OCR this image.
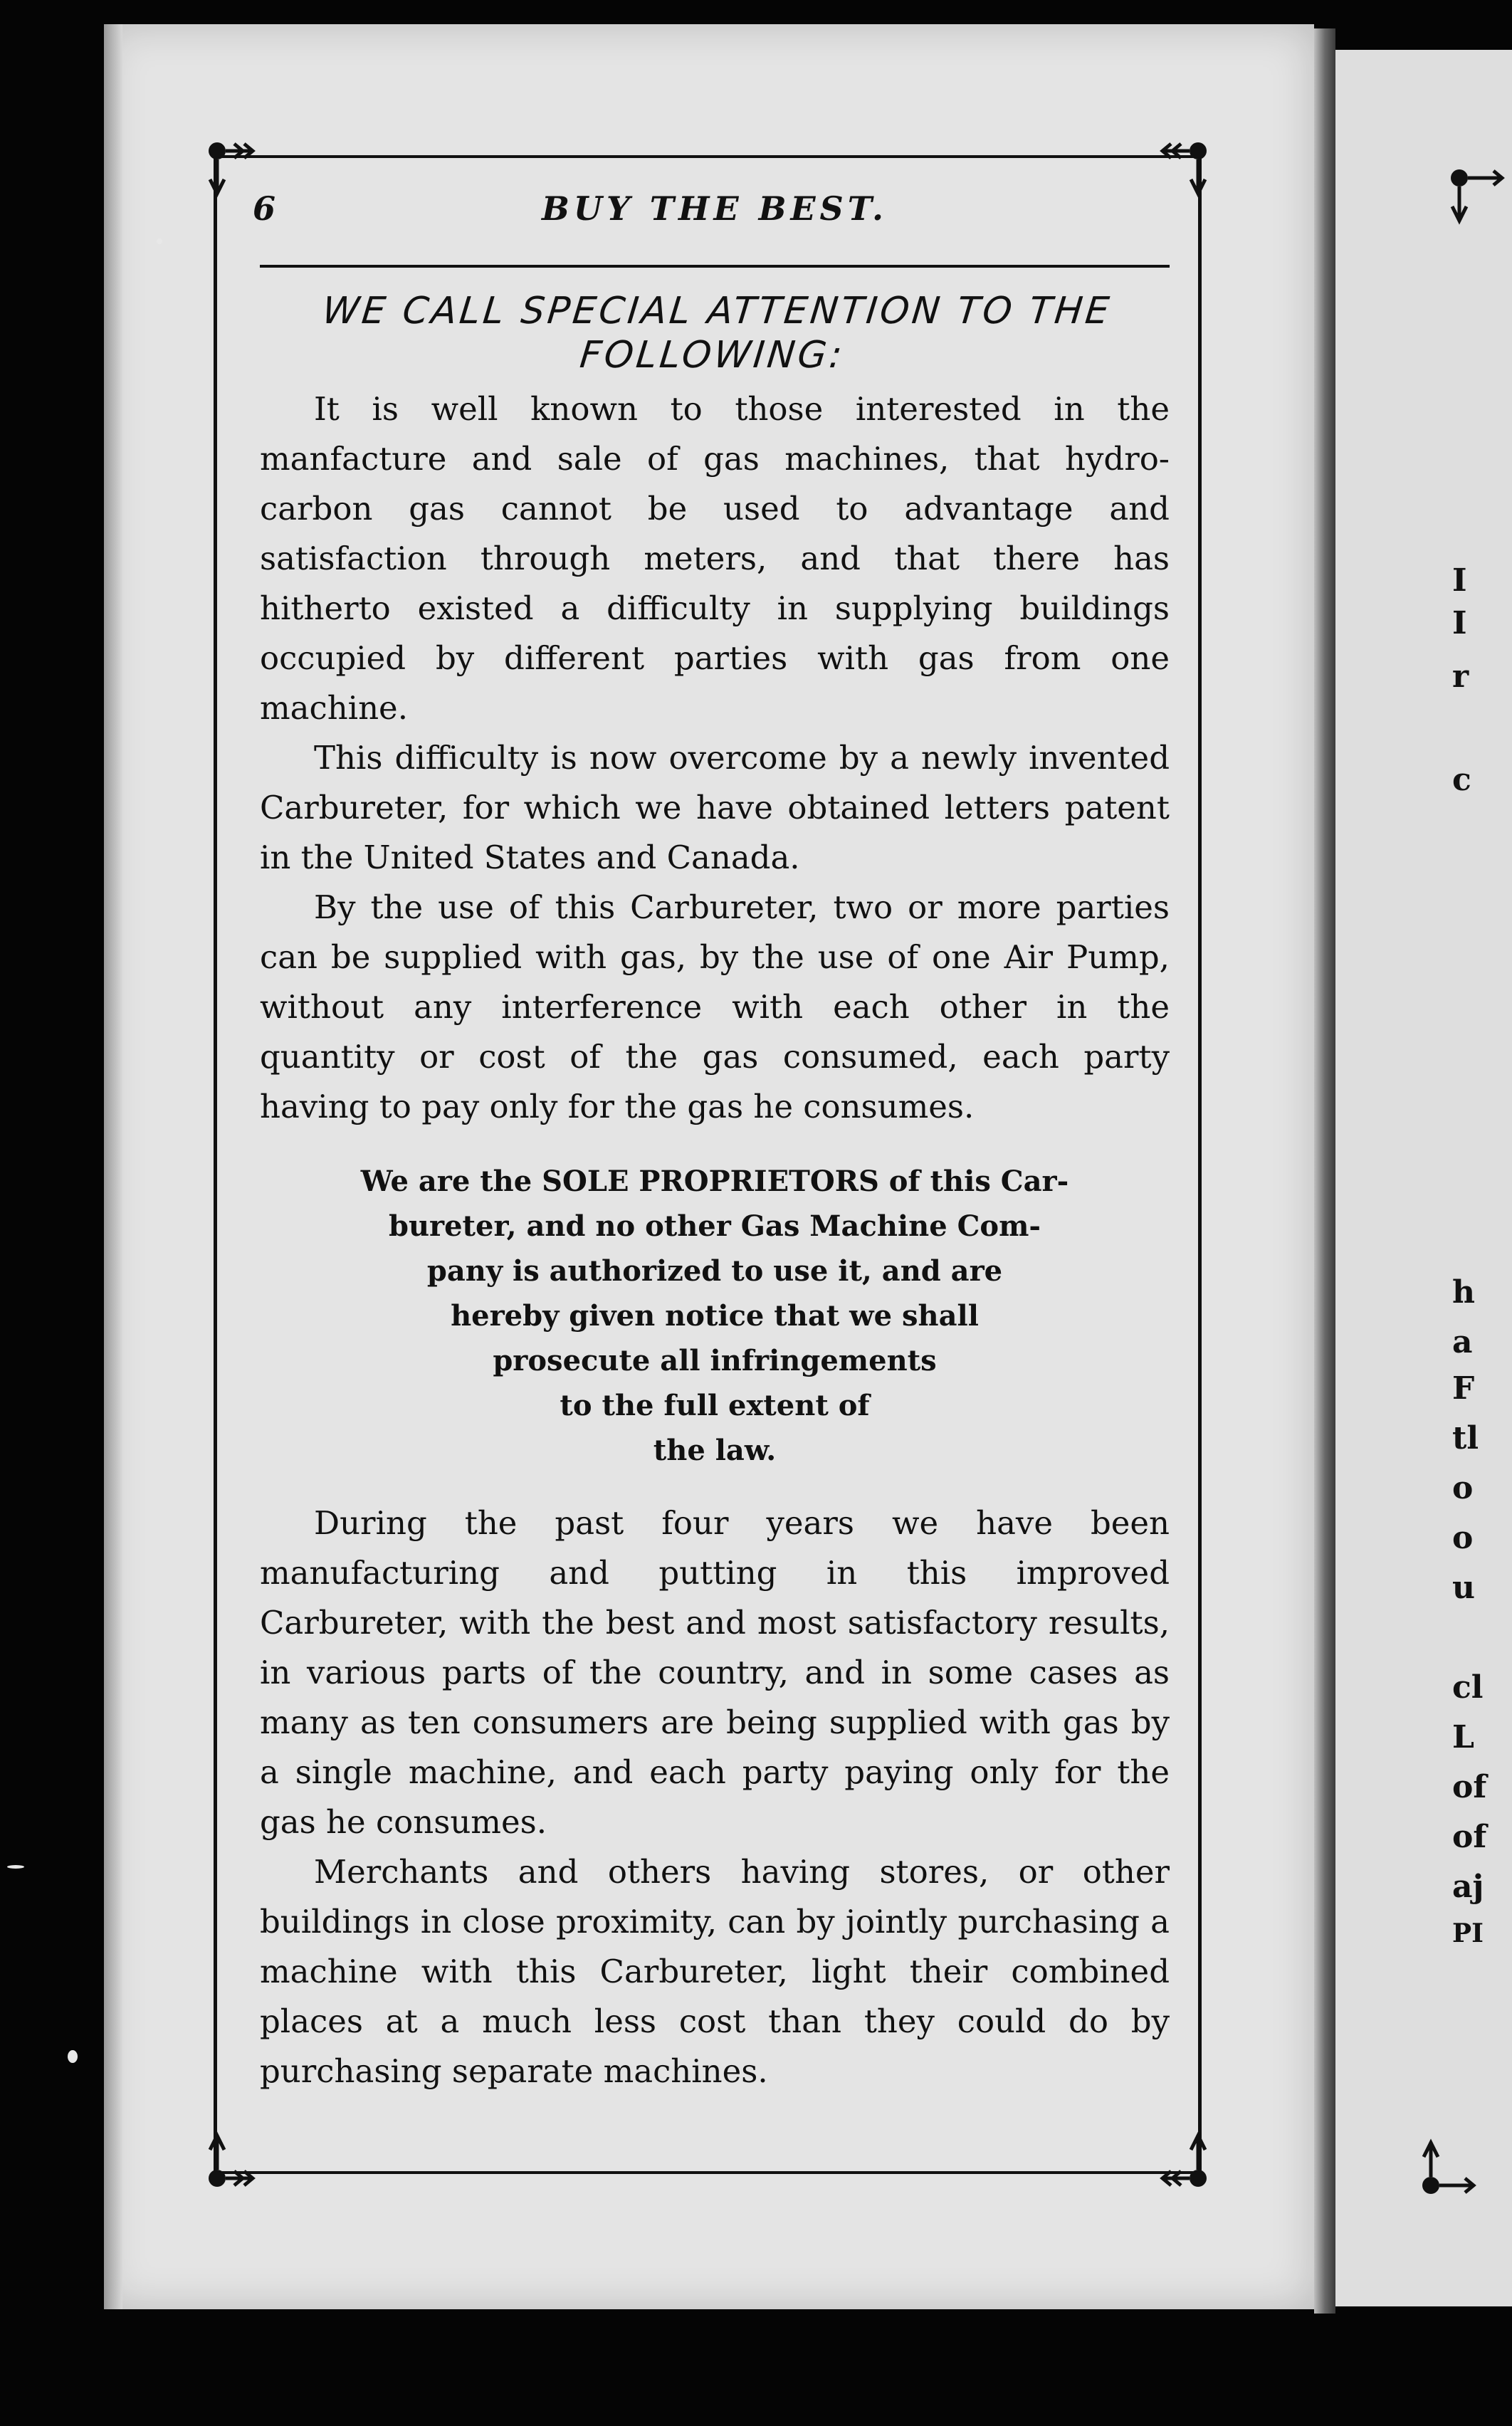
6	BUY THE BEST.
WE CALL SPECIAL ATTENTION TO THE
FOLLOWING:

It is well known to those interested in the manfacture and sale of gas machines, that hydro-carbon gas cannot be used to advantage and satisfaction through meters, and that there has hitherto existed a difficulty in supplying buildings occupied by different parties with gas from one machine.

This difficulty is now overcome by a newly invented Carbureter, for which we have obtained letters patent in the United States and Canada.

By the use of this Carbureter, two or more parties can be supplied with gas, by the use of one Air Pump, without any interference with each other in the quantity or cost of the gas consumed, each party having to pay only for the gas he consumes.

We are the SOLE PROPRIETORS of this Car-
bureter, and no other Gas Machine Com-
pany is authorized to use it, and are
hereby given notice that we shall
prosecute all infringements
to the full extent of
the law.

During the past four years we have been manufacturing and putting in this improved Carbureter, with the best and most satisfactory results, in various parts of the country, and in some cases as many as ten consumers are being supplied with gas by a single machine, and each party paying only for the gas he consumes.

Merchants and others having stores, or other buildings in close proximity, can by jointly purchasing a machine with this Carbureter, light their combined places at a much less cost than they could do by purchasing separate machines.

I
I
r
c
h
a
F
tl
o
o
u
cl
L
of
of
aj
PI
